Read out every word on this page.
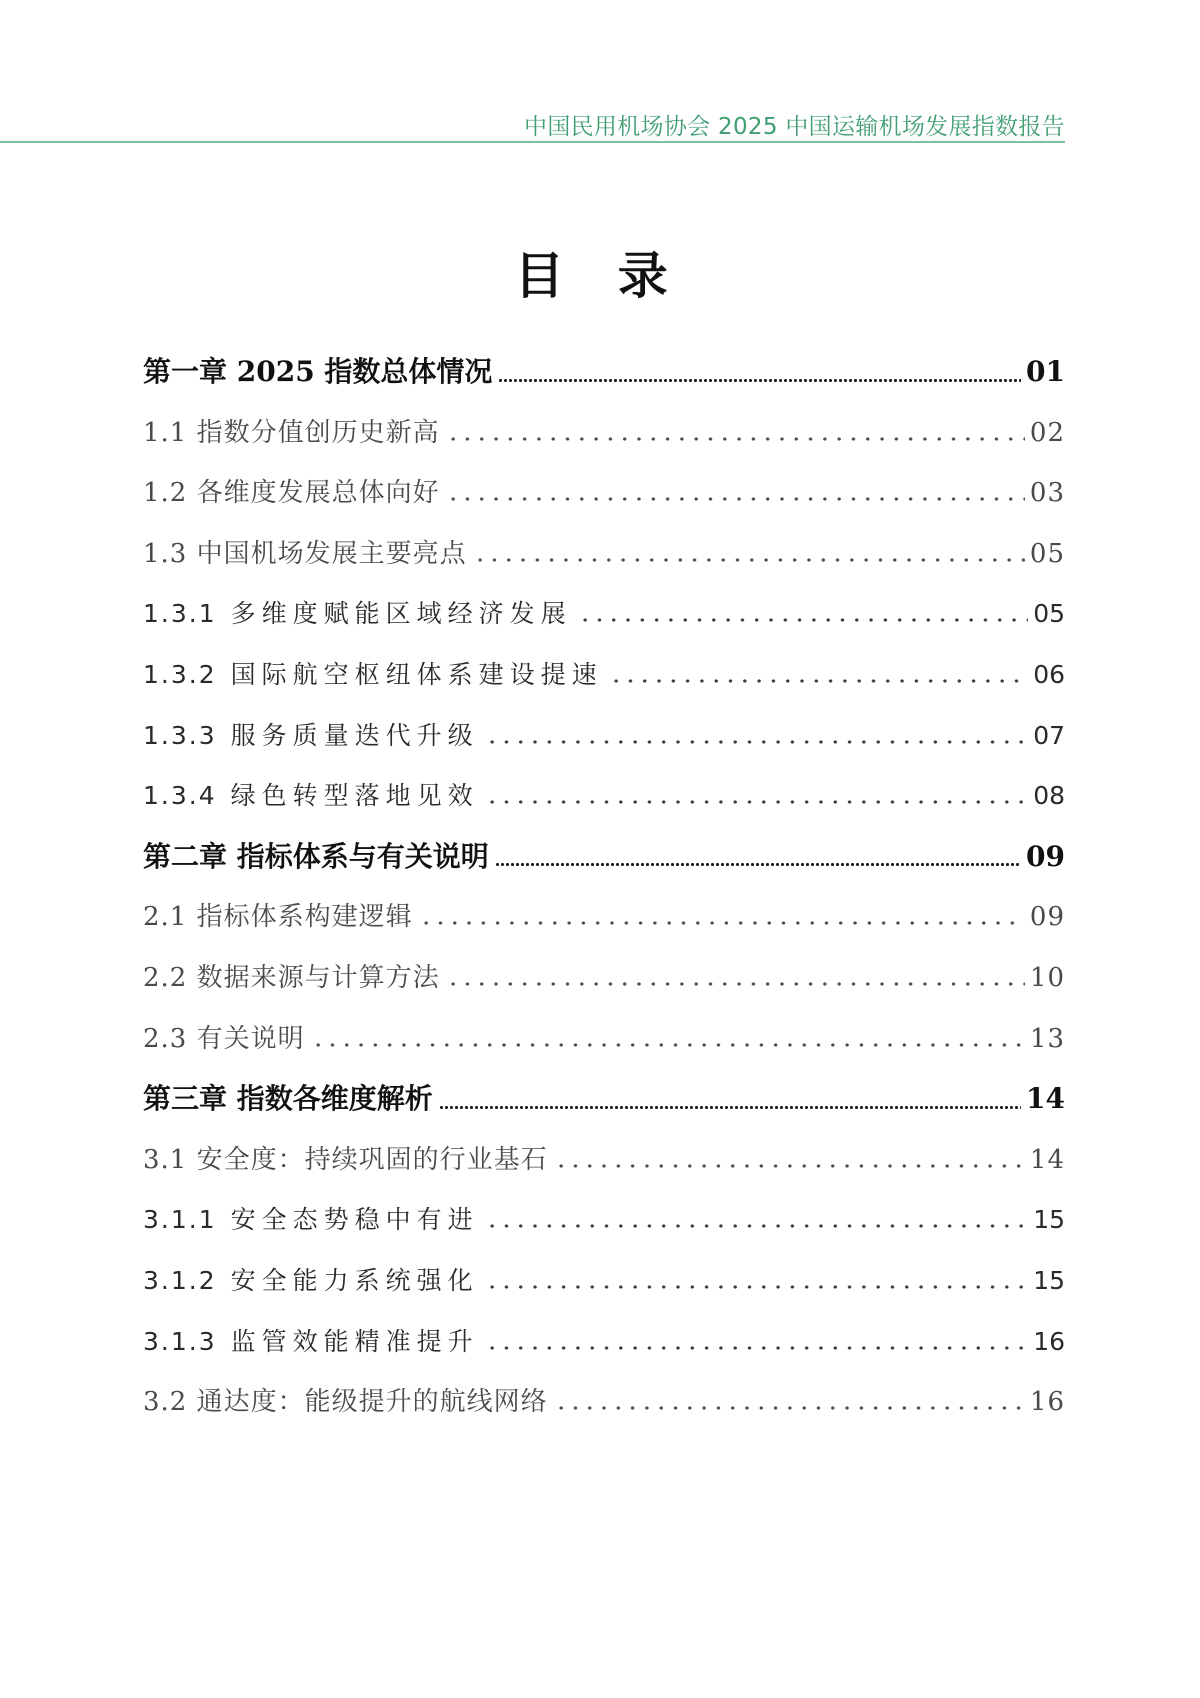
中国民用机场协会 2025 中国运输机场发展指数报告
目 录
第一章 2025 指数总体情况	01
1.1 指数分值创历史新高	02
1.2 各维度发展总体向好	03
1.3 中国机场发展主要亮点	05
1.3.1 多维度赋能区域经济发展	05
1.3.2 国际航空枢纽体系建设提速	06
1.3.3 服务质量迭代升级	07
1.3.4 绿色转型落地见效	08
第二章 指标体系与有关说明	09
2.1 指标体系构建逻辑	09
2.2 数据来源与计算方法	10
2.3 有关说明	13
第三章 指数各维度解析	14
3.1 安全度：持续巩固的行业基石	14
3.1.1 安全态势稳中有进	15
3.1.2 安全能力系统强化	15
3.1.3 监管效能精准提升	16
3.2 通达度：能级提升的航线网络	16
